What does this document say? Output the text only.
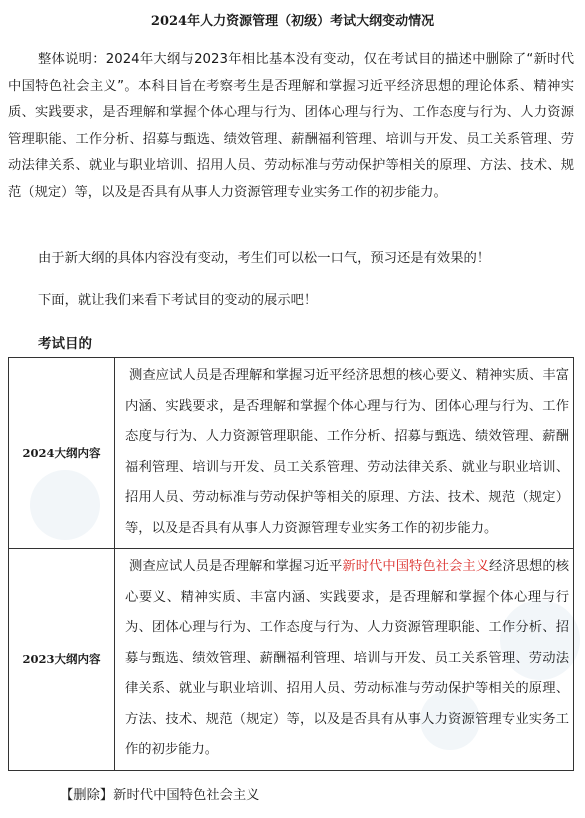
2024年人力资源管理（初级）考试大纲变动情况
整体说明：2024年大纲与2023年相比基本没有变动，仅在考试目的描述中删除了“新时代中国特色社会主义”。本科目旨在考察考生是否理解和掌握习近平经济思想的理论体系、精神实质、实践要求，是否理解和掌握个体心理与行为、团体心理与行为、工作态度与行为、人力资源管理职能、工作分析、招募与甄选、绩效管理、薪酬福利管理、培训与开发、员工关系管理、劳动法律关系、就业与职业培训、招用人员、劳动标准与劳动保护等相关的原理、方法、技术、规范（规定）等，以及是否具有从事人力资源管理专业实务工作的初步能力。
由于新大纲的具体内容没有变动，考生们可以松一口气，预习还是有效果的！
下面，就让我们来看下考试目的变动的展示吧！
考试目的
2024大纲内容	测查应试人员是否理解和掌握习近平经济思想的核心要义、精神实质、丰富内涵、实践要求，是否理解和掌握个体心理与行为、团体心理与行为、工作态度与行为、人力资源管理职能、工作分析、招募与甄选、绩效管理、薪酬福利管理、培训与开发、员工关系管理、劳动法律关系、就业与职业培训、招用人员、劳动标准与劳动保护等相关的原理、方法、技术、规范（规定）等，以及是否具有从事人力资源管理专业实务工作的初步能力。
2023大纲内容	测查应试人员是否理解和掌握习近平新时代中国特色社会主义经济思想的核心要义、精神实质、丰富内涵、实践要求，是否理解和掌握个体心理与行为、团体心理与行为、工作态度与行为、人力资源管理职能、工作分析、招募与甄选、绩效管理、薪酬福利管理、培训与开发、员工关系管理、劳动法律关系、就业与职业培训、招用人员、劳动标准与劳动保护等相关的原理、方法、技术、规范（规定）等，以及是否具有从事人力资源管理专业实务工作的初步能力。
【删除】新时代中国特色社会主义
